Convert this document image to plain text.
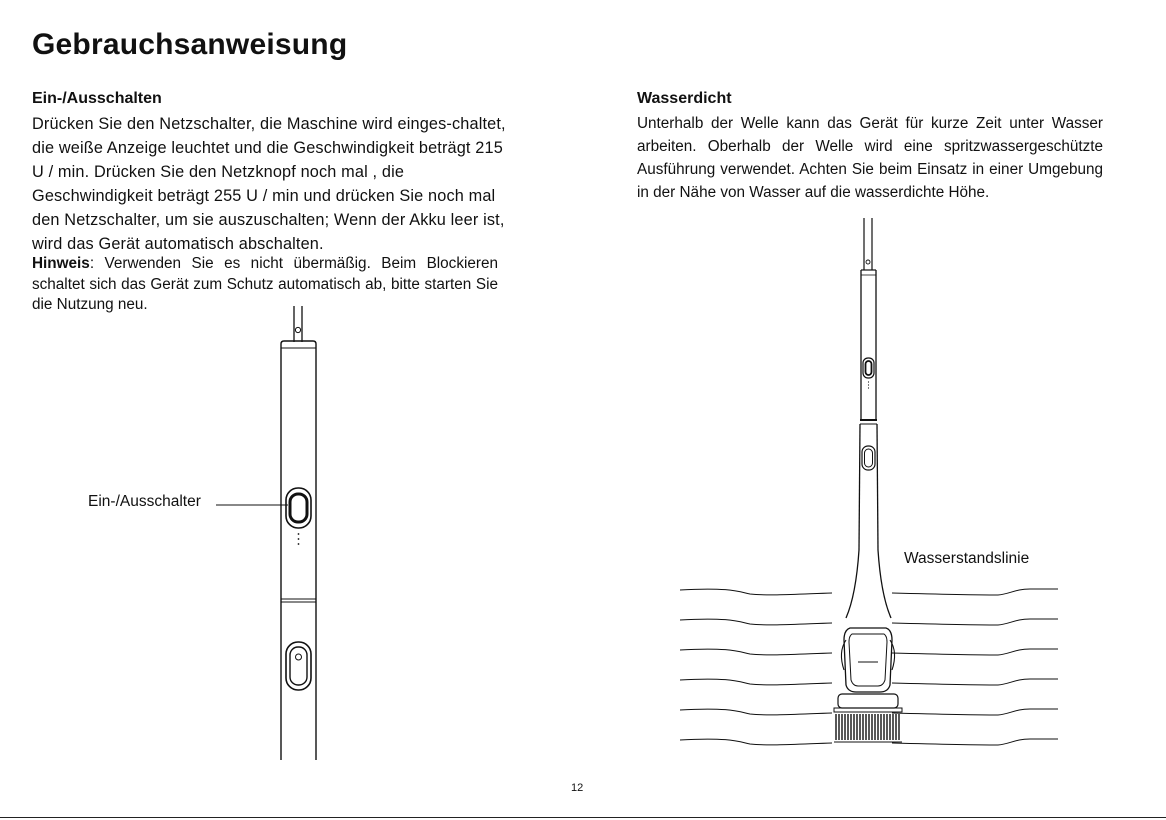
Gebrauchsanweisung
Ein-/Ausschalten

Drücken Sie den Netzschalter, die Maschine wird einges-chaltet, die weiße Anzeige leuchtet und die Geschwindigkeit beträgt 215 U / min. Drücken Sie den Netzknopf noch mal , die Geschwindigkeit beträgt 255 U / min und drücken Sie noch mal den Netzschalter, um sie auszuschalten; Wenn der Akku leer ist, wird das Gerät automatisch abschalten.

Hinweis: Verwenden Sie es nicht übermäßig. Beim Blockieren schaltet sich das Gerät zum Schutz automatisch ab, bitte starten Sie die Nutzung neu.

Ein-/Ausschalter
Wasserdicht

Unterhalb der Welle kann das Gerät für kurze Zeit unter Wasser arbeiten. Oberhalb der Welle wird eine spritzwassergeschützte Ausführung verwendet. Achten Sie beim Einsatz in einer Umgebung in der Nähe von Wasser auf die wasserdichte Höhe.

Wasserstandslinie
12
